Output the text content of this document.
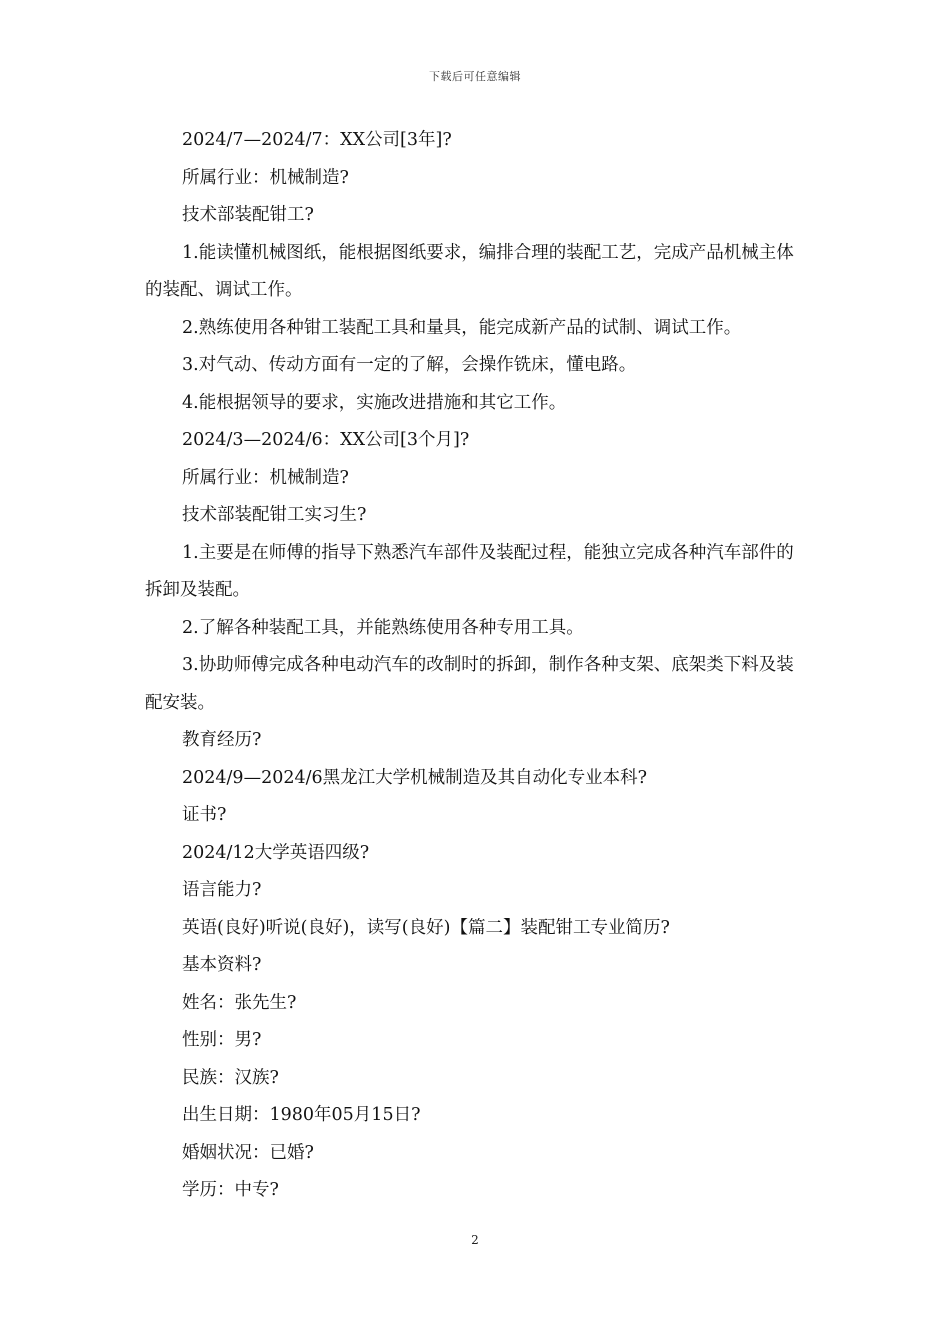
下载后可任意编辑

2024/7—2024/7：XX公司[3年]?

所属行业：机械制造?

技术部装配钳工?

1.能读懂机械图纸，能根据图纸要求，编排合理的装配工艺，完成产品机械主体的装配、调试工作。

2.熟练使用各种钳工装配工具和量具，能完成新产品的试制、调试工作。

3.对气动、传动方面有一定的了解，会操作铣床，懂电路。

4.能根据领导的要求，实施改进措施和其它工作。

2024/3—2024/6：XX公司[3个月]?

所属行业：机械制造?

技术部装配钳工实习生?

1.主要是在师傅的指导下熟悉汽车部件及装配过程，能独立完成各种汽车部件的拆卸及装配。

2.了解各种装配工具，并能熟练使用各种专用工具。

3.协助师傅完成各种电动汽车的改制时的拆卸，制作各种支架、底架类下料及装配安装。

教育经历?

2024/9—2024/6黑龙江大学机械制造及其自动化专业本科?

证书?

2024/12大学英语四级?

语言能力?

英语(良好)听说(良好)，读写(良好)【篇二】装配钳工专业简历?

基本资料?

姓名：张先生?

性别：男?

民族：汉族?

出生日期：1980年05月15日?

婚姻状况：已婚?

学历：中专?

2
